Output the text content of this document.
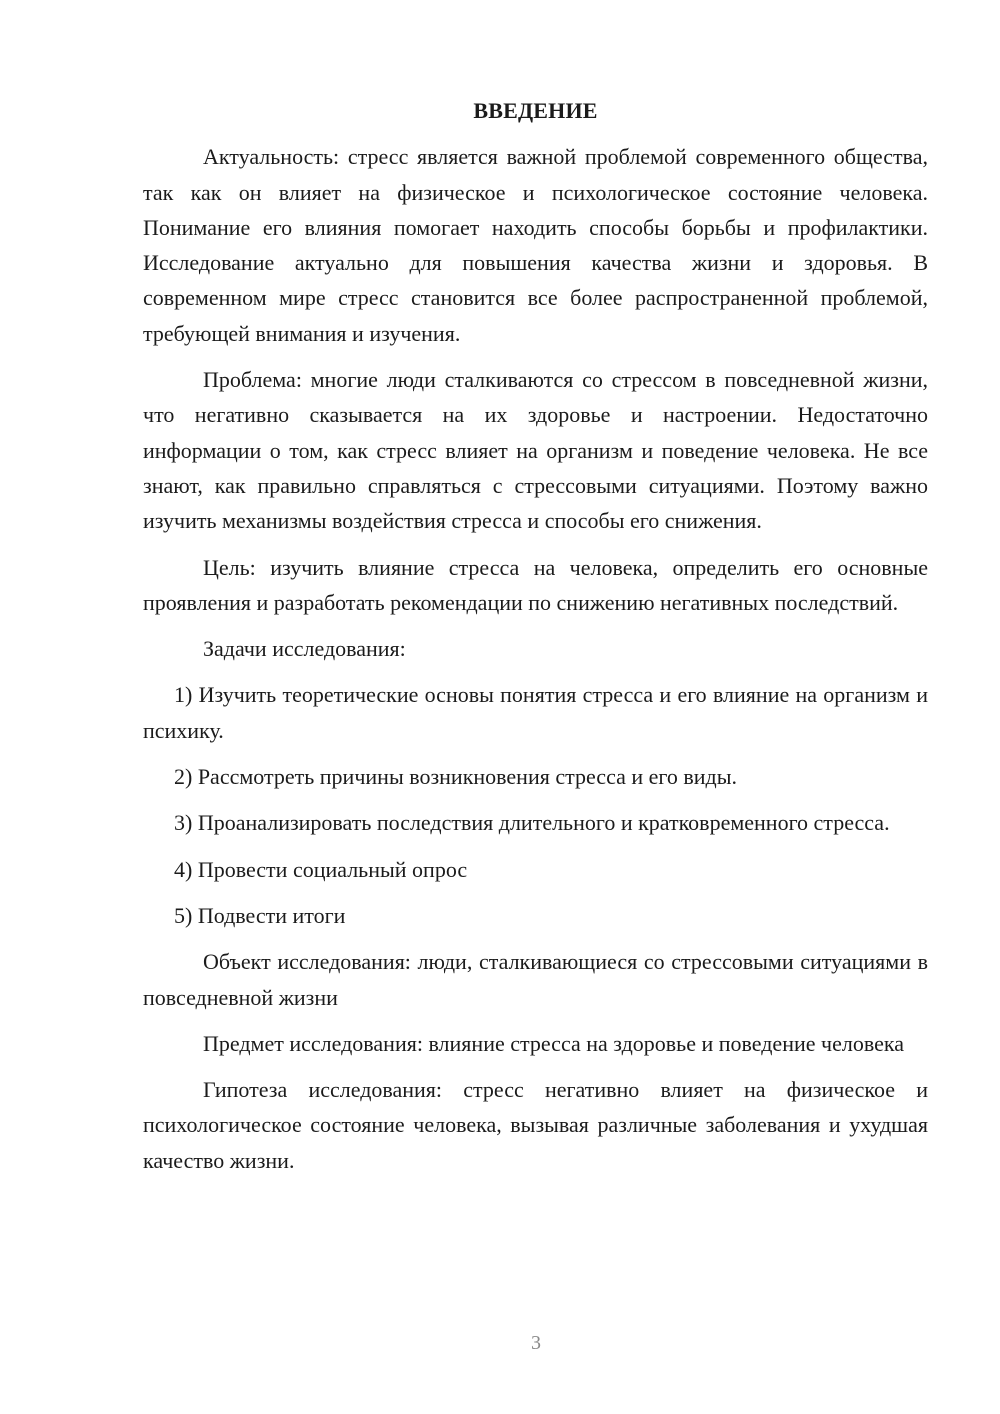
ВВЕДЕНИЕ

Актуальность: стресс является важной проблемой современного общества, так как он влияет на физическое и психологическое состояние человека. Понимание его влияния помогает находить способы борьбы и профилактики. Исследование актуально для повышения качества жизни и здоровья. В современном мире стресс становится все более распространенной проблемой, требующей внимания и изучения.

Проблема: многие люди сталкиваются со стрессом в повседневной жизни, что негативно сказывается на их здоровье и настроении. Недостаточно информации о том, как стресс влияет на организм и поведение человека. Не все знают, как правильно справляться с стрессовыми ситуациями. Поэтому важно изучить механизмы воздействия стресса и способы его снижения.

Цель: изучить влияние стресса на человека, определить его основные проявления и разработать рекомендации по снижению негативных последствий.

Задачи исследования:

1) Изучить теоретические основы понятия стресса и его влияние на организм и психику.

2) Рассмотреть причины возникновения стресса и его виды.

3) Проанализировать последствия длительного и кратковременного стресса.

4) Провести социальный опрос

5) Подвести итоги

Объект исследования: люди, сталкивающиеся со стрессовыми ситуациями в повседневной жизни

Предмет исследования: влияние стресса на здоровье и поведение человека

Гипотеза исследования: стресс негативно влияет на физическое и психологическое состояние человека, вызывая различные заболевания и ухудшая качество жизни.

3
